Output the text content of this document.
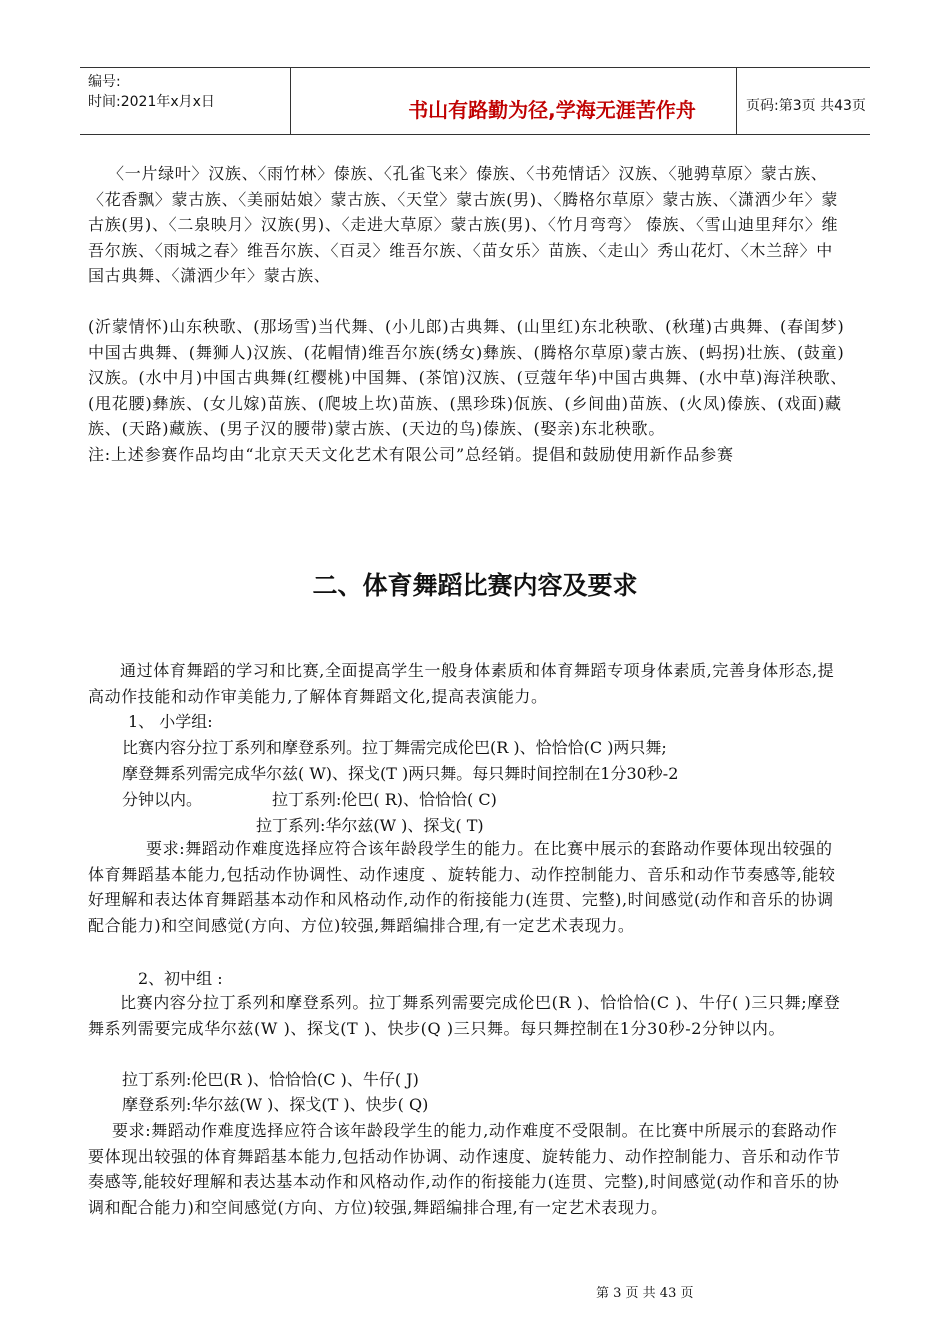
编号:
时间:2021年x月x日	书山有路勤为径,学海无涯苦作舟	页码:第3页 共43页

〈一片绿叶〉汉族、〈雨竹林〉傣族、〈孔雀飞来〉傣族、〈书苑情话〉汉族、〈驰骋草原〉蒙古族、〈花香飘〉蒙古族、〈美丽姑娘〉蒙古族、〈天堂〉蒙古族(男)、〈腾格尔草原〉蒙古族、〈潇洒少年〉蒙古族(男)、〈二泉映月〉汉族(男)、〈走进大草原〉蒙古族(男)、〈竹月弯弯〉 傣族、〈雪山迪里拜尔〉维吾尔族、〈雨城之春〉维吾尔族、〈百灵〉维吾尔族、〈苗女乐〉苗族、〈走山〉秀山花灯、〈木兰辞〉中国古典舞、〈潇洒少年〉蒙古族、

(沂蒙情怀)山东秧歌、(那场雪)当代舞、(小儿郎)古典舞、(山里红)东北秧歌、(秋瑾)古典舞、(春闺梦)中国古典舞、(舞狮人)汉族、(花帽情)维吾尔族(绣女)彝族、(腾格尔草原)蒙古族、(蚂拐)壮族、(鼓童)汉族。(水中月)中国古典舞(红樱桃)中国舞、(茶馆)汉族、(豆蔻年华)中国古典舞、(水中草)海洋秧歌、(甩花腰)彝族、(女儿嫁)苗族、(爬坡上坎)苗族、(黑珍珠)佤族、(乡间曲)苗族、(火凤)傣族、(戏面)藏族、(天路)藏族、(男子汉的腰带)蒙古族、(天边的鸟)傣族、(娶亲)东北秧歌。

注:上述参赛作品均由“北京天天文化艺术有限公司”总经销。提倡和鼓励使用新作品参赛

二、体育舞蹈比赛内容及要求

通过体育舞蹈的学习和比赛,全面提高学生一般身体素质和体育舞蹈专项身体素质,完善身体形态,提高动作技能和动作审美能力,了解体育舞蹈文化,提高表演能力。

1、 小学组:
比赛内容分拉丁系列和摩登系列。拉丁舞需完成伦巴(R )、恰恰恰(C )两只舞;
摩登舞系列需完成华尔兹( W)、探戈(T )两只舞。每只舞时间控制在1分30秒-2
分钟以内。	拉丁系列:伦巴( R)、恰恰恰( C)
拉丁系列:华尔兹(W )、探戈( T)

要求:舞蹈动作难度选择应符合该年龄段学生的能力。在比赛中展示的套路动作要体现出较强的体育舞蹈基本能力,包括动作协调性、动作速度 、旋转能力、动作控制能力、音乐和动作节奏感等,能较好理解和表达体育舞蹈基本动作和风格动作,动作的衔接能力(连贯、完整),时间感觉(动作和音乐的协调配合能力)和空间感觉(方向、方位)较强,舞蹈编排合理,有一定艺术表现力。

2、初中组 :

比赛内容分拉丁系列和摩登系列。拉丁舞系列需要完成伦巴(R )、恰恰恰(C )、牛仔( )三只舞;摩登舞系列需要完成华尔兹(W )、探戈(T )、快步(Q )三只舞。每只舞控制在1分30秒-2分钟以内。

拉丁系列:伦巴(R )、恰恰恰(C )、牛仔( J)
摩登系列:华尔兹(W )、探戈(T )、快步( Q)

要求:舞蹈动作难度选择应符合该年龄段学生的能力,动作难度不受限制。在比赛中所展示的套路动作要体现出较强的体育舞蹈基本能力,包括动作协调、动作速度、旋转能力、动作控制能力、音乐和动作节奏感等,能较好理解和表达基本动作和风格动作,动作的衔接能力(连贯、完整),时间感觉(动作和音乐的协调和配合能力)和空间感觉(方向、方位)较强,舞蹈编排合理,有一定艺术表现力。

第 3 页 共 43 页
